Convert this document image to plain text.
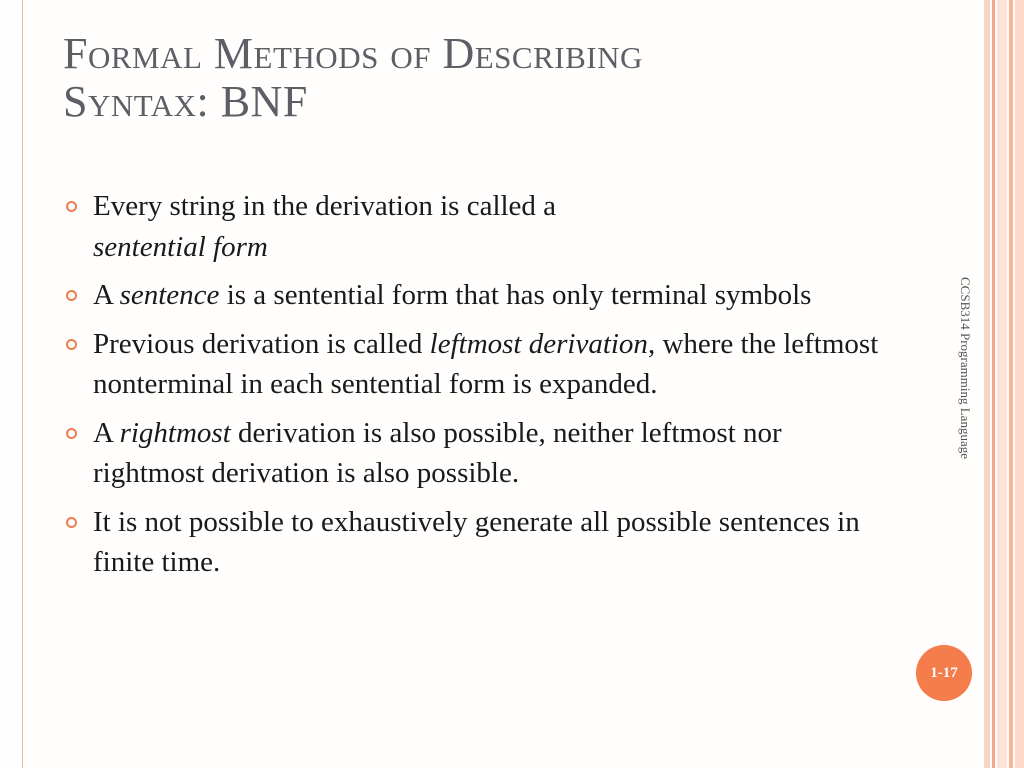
Formal Methods of Describing
Syntax: BNF
Every string in the derivation is called a
sentential form
A sentence is a sentential form that has only terminal symbols
Previous derivation is called leftmost derivation, where the leftmost nonterminal in each sentential form is expanded.
A rightmost derivation is also possible, neither leftmost nor rightmost derivation is also possible.
It is not possible to exhaustively generate all possible sentences in finite time.
CCSB314 Programming Language
1-17
